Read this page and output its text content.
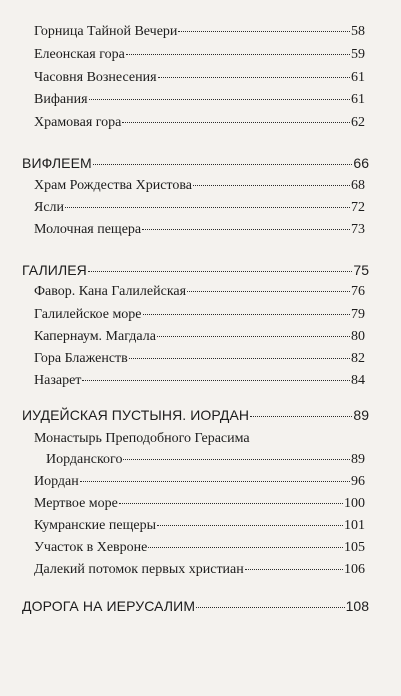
Горница Тайной Вечери	58
Елеонская гора	59
Часовня Вознесения	61
Вифания	61
Храмовая гора	62
ВИФЛЕЕМ	66
Храм Рождества Христова	68
Ясли	72
Молочная пещера	73
ГАЛИЛЕЯ	75
Фавор. Кана Галилейская	76
Галилейское море	79
Капернаум. Магдала	80
Гора Блаженств	82
Назарет	84
ИУДЕЙСКАЯ ПУСТЫНЯ. ИОРДАН	89
Монастырь Преподобного Герасима
Иорданского	89
Иордан	96
Мертвое море	100
Кумранские пещеры	101
Участок в Хевроне	105
Далекий потомок первых христиан	106
ДОРОГА НА ИЕРУСАЛИМ	108
